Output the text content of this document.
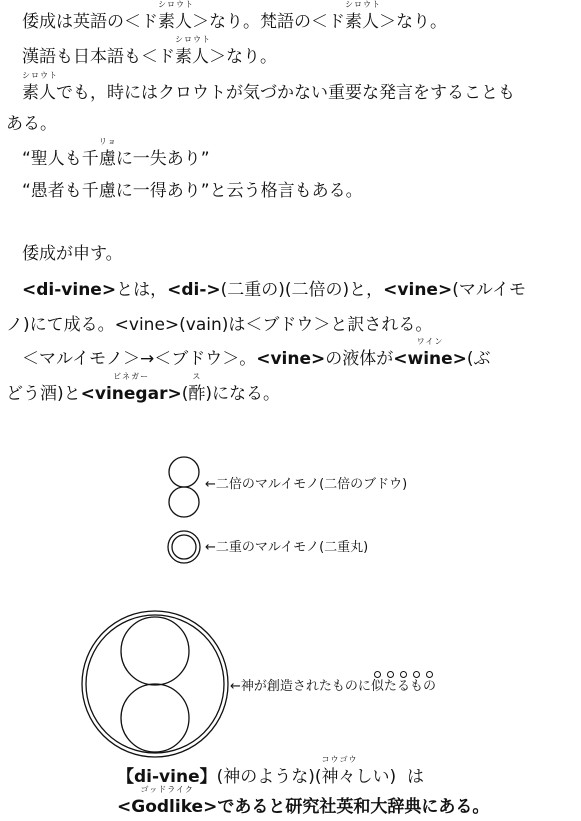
倭成は英語の＜ド
シロウト
素人＞なり。梵語の＜ド
シロウト
素人＞なり。
漢語も日本語も＜ド
シロウト
素人＞なり。
シロウト
素人でも，時にはクロウトが気づかない重要な発言をすることも
ある。
“聖人も千
リョ
慮に一失あり”
“愚者も千慮に一得あり”と云う格言もある。
倭成が申す。
<di-vine>とは，<di->(二重の)(二倍の)と，<vine>(マルイモ
ノ)にて成る。<vine>(vain)は＜ブドウ＞と訳される。
＜マルイモノ＞→＜ブドウ＞。<vine>の液体が
ワイン
<wine>(ぶ
どう酒)と
ビネガー
<vinegar>(
ス
酢)になる。
←二倍のマルイモノ(二倍のブドウ)
←二重のマルイモノ(二重丸)
←神が創造されたものに
似
た
る
も
の
【di-vine】(神のような)(
コウゴウ
神々しい)  は
<
ゴッドライク
Godlike>であると研究社英和大辞典にある。
